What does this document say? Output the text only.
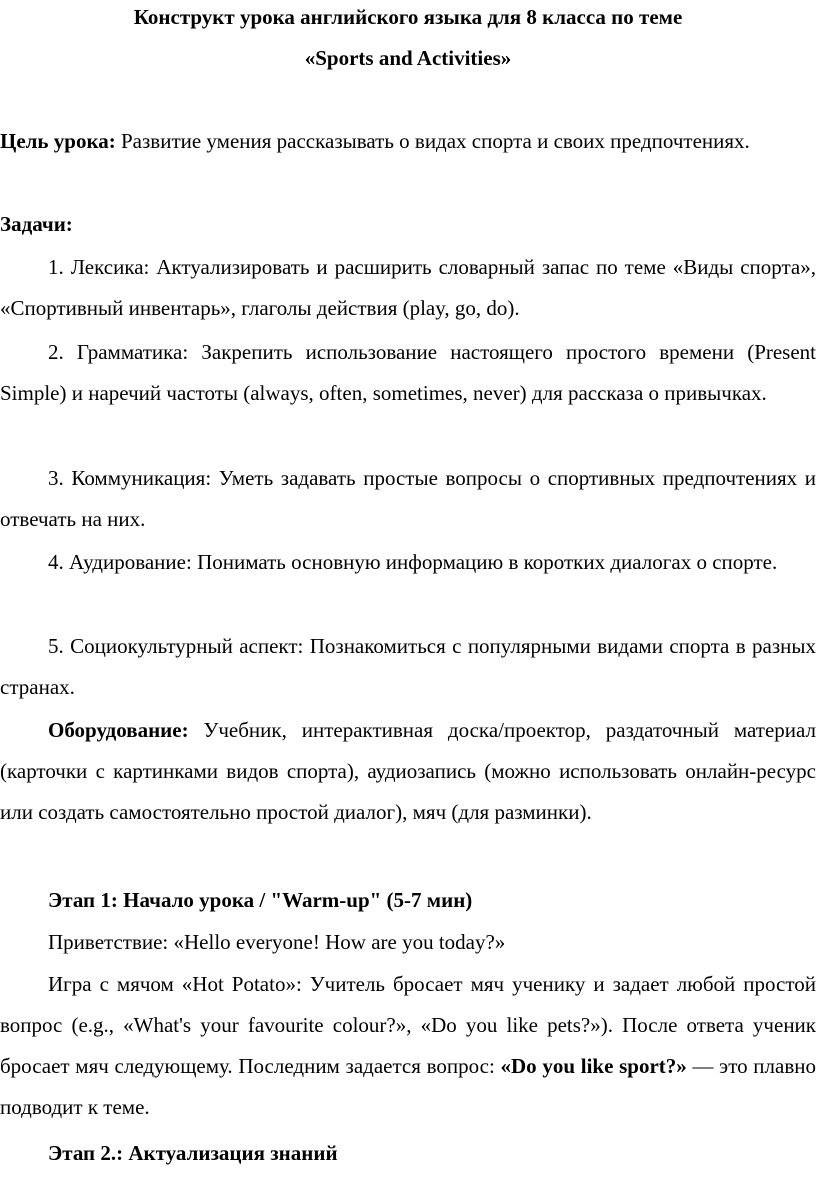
Конструкт урока английского языка для 8 класса по теме
«Sports and Activities»

Цель урока: Развитие умения рассказывать о видах спорта и своих предпочтениях.

Задачи:

1. Лексика: Актуализировать и расширить словарный запас по теме «Виды спорта», «Спортивный инвентарь», глаголы действия (play, go, do).

2. Грамматика: Закрепить использование настоящего простого времени (Present Simple) и наречий частоты (always, often, sometimes, never) для рассказа о привычках.

3. Коммуникация: Уметь задавать простые вопросы о спортивных предпочтениях и отвечать на них.

4. Аудирование: Понимать основную информацию в коротких диалогах о спорте.

5. Социокультурный аспект: Познакомиться с популярными видами спорта в разных странах.

Оборудование: Учебник, интерактивная доска/проектор, раздаточный материал (карточки с картинками видов спорта), аудиозапись (можно использовать онлайн-ресурс или создать самостоятельно простой диалог), мяч (для разминки).

Этап 1: Начало урока / "Warm-up" (5-7 мин)

Приветствие: «Hello everyone! How are you today?»

Игра с мячом «Hot Potato»: Учитель бросает мяч ученику и задает любой простой вопрос (e.g., «What's your favourite colour?», «Do you like pets?»). После ответа ученик бросает мяч следующему. Последним задается вопрос: «Do you like sport?» — это плавно подводит к теме.

Этап 2.: Актуализация знаний
